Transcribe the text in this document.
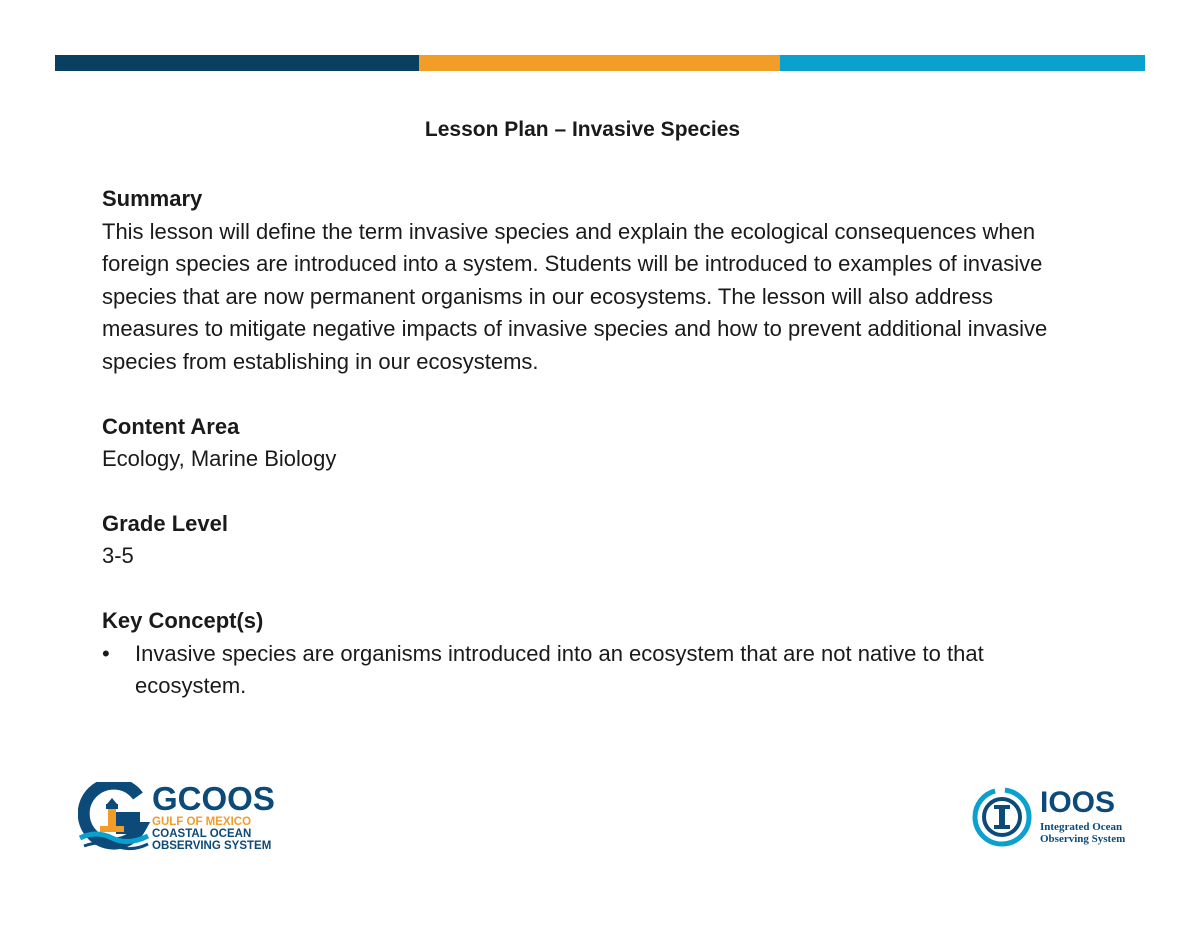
Lesson Plan – Invasive Species
Summary

This lesson will define the term invasive species and explain the ecological consequences when foreign species are introduced into a system. Students will be introduced to examples of invasive species that are now permanent organisms in our ecosystems. The lesson will also address measures to mitigate negative impacts of invasive species and how to prevent additional invasive species from establishing in our ecosystems.

Content Area

Ecology, Marine Biology

Grade Level

3-5

Key Concept(s)
• Invasive species are organisms introduced into an ecosystem that are not native to that ecosystem.
GCOOS
GULF OF MEXICO
COASTAL OCEAN
OBSERVING SYSTEM
IOOS
Integrated Ocean
Observing System
